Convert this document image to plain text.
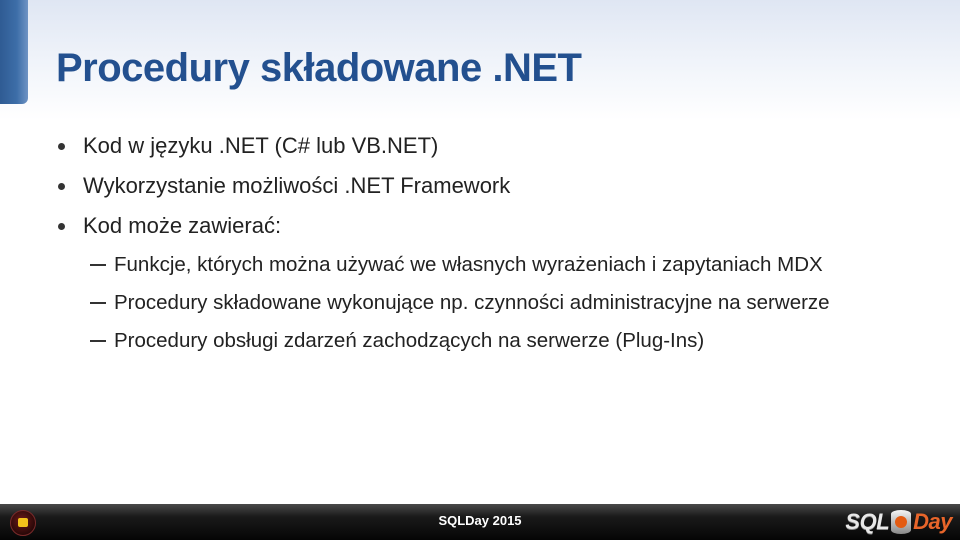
Procedury składowane .NET
Kod w języku .NET (C# lub VB.NET)
Wykorzystanie możliwości .NET Framework
Kod może zawierać:
Funkcje, których można używać we własnych wyrażeniach i zapytaniach MDX
Procedury składowane wykonujące np. czynności administracyjne na serwerze
Procedury obsługi zdarzeń zachodzących na serwerze (Plug-Ins)
SQLDay 2015	SQL Day
